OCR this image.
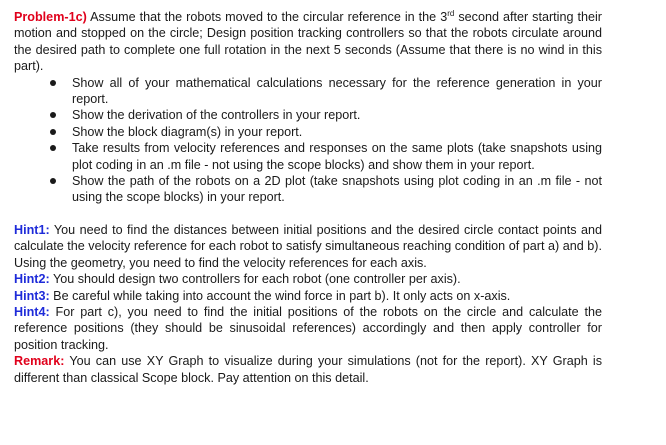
Problem-1c) Assume that the robots moved to the circular reference in the 3rd second after starting their motion and stopped on the circle; Design position tracking controllers so that the robots circulate around the desired path to complete one full rotation in the next 5 seconds (Assume that there is no wind in this part).

Show all of your mathematical calculations necessary for the reference generation in your report.
Show the derivation of the controllers in your report.
Show the block diagram(s) in your report.
Take results from velocity references and responses on the same plots (take snapshots using plot coding in an .m file - not using the scope blocks) and show them in your report.
Show the path of the robots on a 2D plot (take snapshots using plot coding in an .m file - not using the scope blocks) in your report.

Hint1: You need to find the distances between initial positions and the desired circle contact points and calculate the velocity reference for each robot to satisfy simultaneous reaching condition of part a) and b). Using the geometry, you need to find the velocity references for each axis.

Hint2: You should design two controllers for each robot (one controller per axis).

Hint3: Be careful while taking into account the wind force in part b). It only acts on x-axis.

Hint4: For part c), you need to find the initial positions of the robots on the circle and calculate the reference positions (they should be sinusoidal references) accordingly and then apply controller for position tracking.

Remark: You can use XY Graph to visualize during your simulations (not for the report). XY Graph is different than classical Scope block. Pay attention on this detail.
